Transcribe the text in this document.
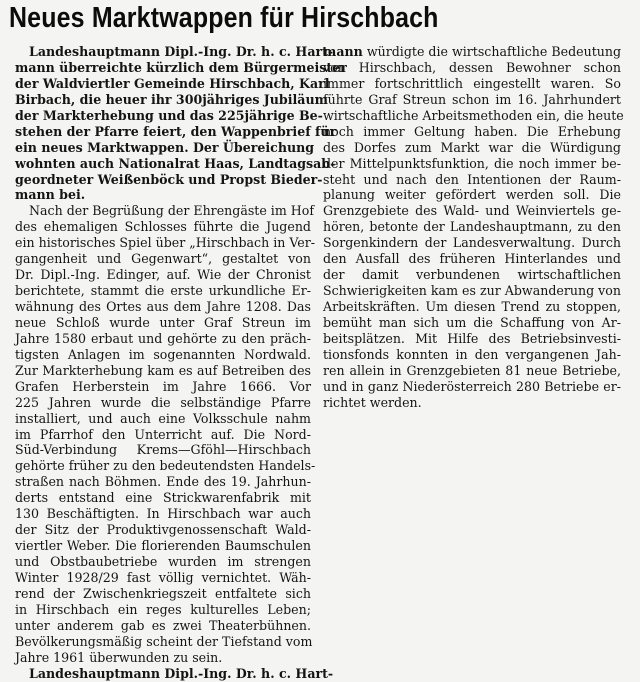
Neues Marktwappen für Hirschbach
Landeshauptmann Dipl.-Ing. Dr. h. c. Hart-
mann überreichte kürzlich dem Bürgermeister
der Waldviertler Gemeinde Hirschbach, Karl
Birbach, die heuer ihr 300jähriges Jubiläum
der Markterhebung und das 225jährige Be-
stehen der Pfarre feiert, den Wappenbrief für
ein neues Marktwappen. Der Übereichung
wohnten auch Nationalrat Haas, Landtagsab-
geordneter Weißenböck und Propst Bieder-
mann bei.
Nach der Begrüßung der Ehrengäste im Hof
des ehemaligen Schlosses führte die Jugend
ein historisches Spiel über „Hirschbach in Ver-
gangenheit und Gegenwart“, gestaltet von
Dr. Dipl.-Ing. Edinger, auf. Wie der Chronist
berichtete, stammt die erste urkundliche Er-
wähnung des Ortes aus dem Jahre 1208. Das
neue Schloß wurde unter Graf Streun im
Jahre 1580 erbaut und gehörte zu den präch-
tigsten Anlagen im sogenannten Nordwald.
Zur Markterhebung kam es auf Betreiben des
Grafen Herberstein im Jahre 1666. Vor
225 Jahren wurde die selbständige Pfarre
installiert, und auch eine Volksschule nahm
im Pfarrhof den Unterricht auf. Die Nord-
Süd-Verbindung Krems—Gföhl—Hirschbach
gehörte früher zu den bedeutendsten Handels-
straßen nach Böhmen. Ende des 19. Jahrhun-
derts entstand eine Strickwarenfabrik mit
130 Beschäftigten. In Hirschbach war auch
der Sitz der Produktivgenossenschaft Wald-
viertler Weber. Die florierenden Baumschulen
und Obstbaubetriebe wurden im strengen
Winter 1928/29 fast völlig vernichtet. Wäh-
rend der Zwischenkriegszeit entfaltete sich
in Hirschbach ein reges kulturelles Leben;
unter anderem gab es zwei Theaterbühnen.
Bevölkerungsmäßig scheint der Tiefstand vom
Jahre 1961 überwunden zu sein.
Landeshauptmann Dipl.-Ing. Dr. h. c. Hart-
mann würdigte die wirtschaftliche Bedeutung
von Hirschbach, dessen Bewohner schon
immer fortschrittlich eingestellt waren. So
führte Graf Streun schon im 16. Jahrhundert
wirtschaftliche Arbeitsmethoden ein, die heute
noch immer Geltung haben. Die Erhebung
des Dorfes zum Markt war die Würdigung
der Mittelpunktsfunktion, die noch immer be-
steht und nach den Intentionen der Raum-
planung weiter gefördert werden soll. Die
Grenzgebiete des Wald- und Weinviertels ge-
hören, betonte der Landeshauptmann, zu den
Sorgenkindern der Landesverwaltung. Durch
den Ausfall des früheren Hinterlandes und
der damit verbundenen wirtschaftlichen
Schwierigkeiten kam es zur Abwanderung von
Arbeitskräften. Um diesen Trend zu stoppen,
bemüht man sich um die Schaffung von Ar-
beitsplätzen. Mit Hilfe des Betriebsinvesti-
tionsfonds konnten in den vergangenen Jah-
ren allein in Grenzgebieten 81 neue Betriebe,
und in ganz Niederösterreich 280 Betriebe er-
richtet werden.
